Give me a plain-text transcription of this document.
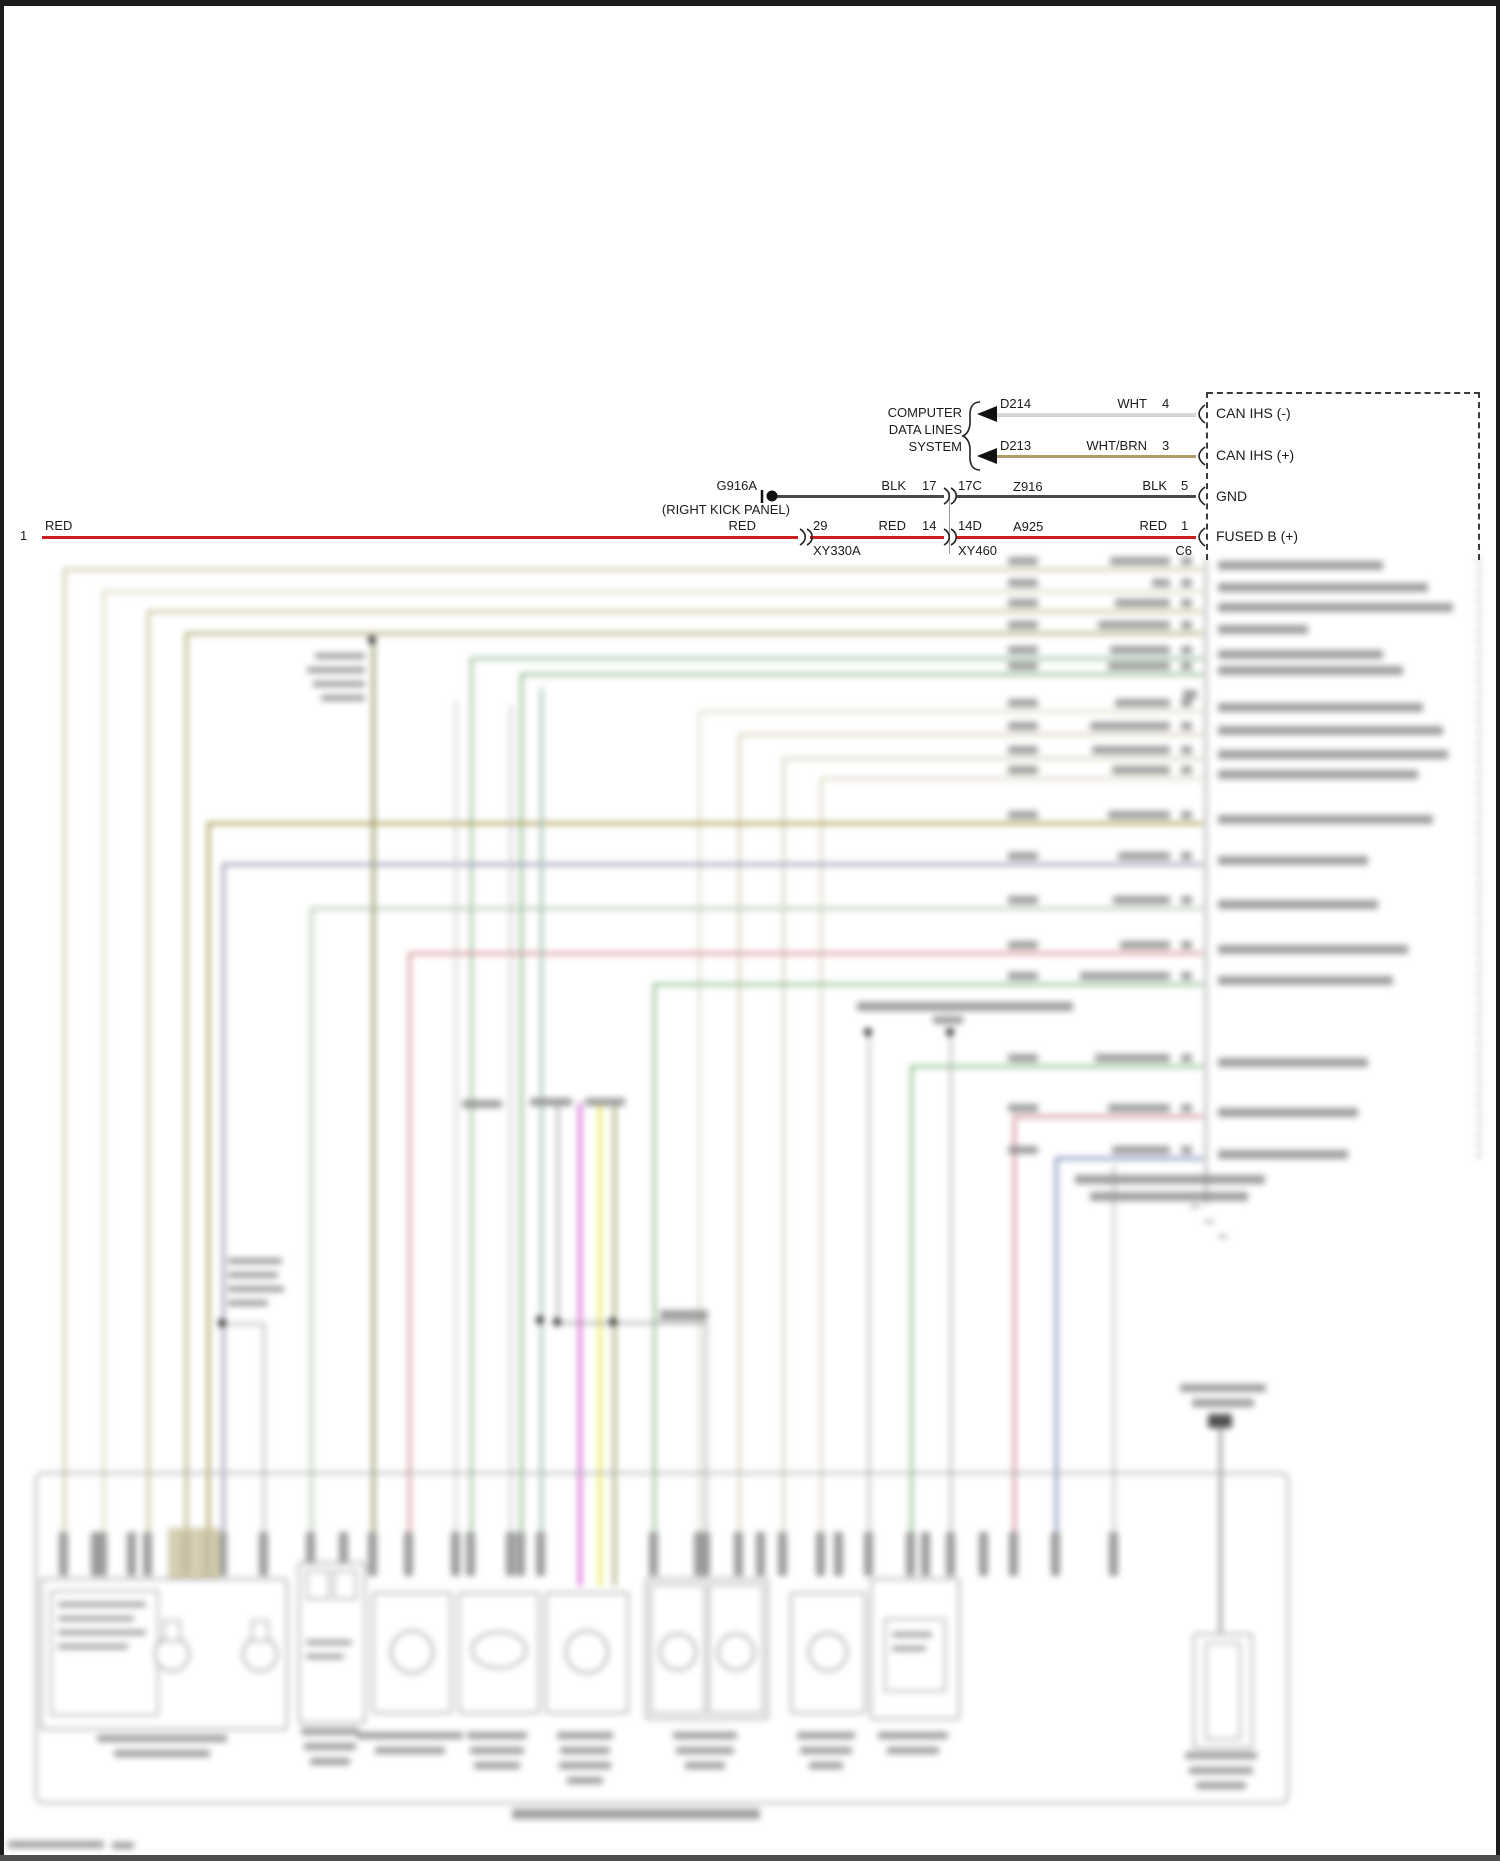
COMPUTER
DATA LINES
SYSTEM
D214	WHT 4
CAN IHS (-)
D213	WHT/BRN 3
CAN IHS (+)
G916A
(RIGHT KICK PANEL)
BLK 17 17C Z916	BLK 5
GND
1
RED	RED	29	RED 14 14D A925	RED 1
FUSED B (+)
XY330A	XY460	C6
